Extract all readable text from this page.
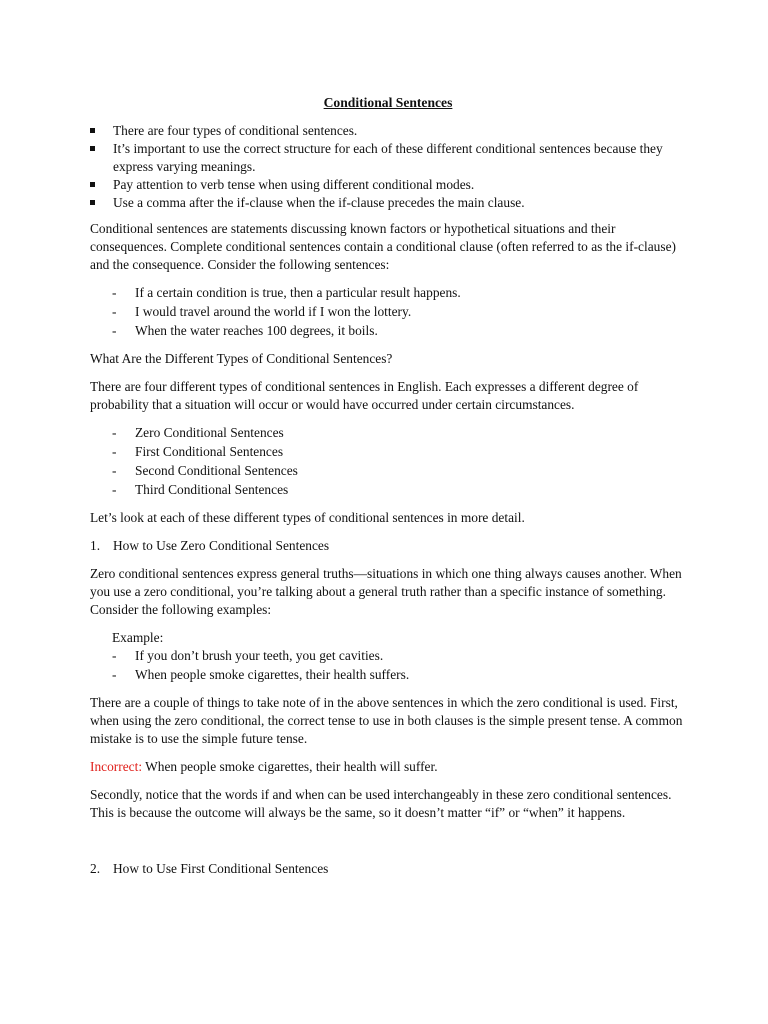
Conditional Sentences
There are four types of conditional sentences.
It’s important to use the correct structure for each of these different conditional sentences because they express varying meanings.
Pay attention to verb tense when using different conditional modes.
Use a comma after the if-clause when the if-clause precedes the main clause.

Conditional sentences are statements discussing known factors or hypothetical situations and their consequences. Complete conditional sentences contain a conditional clause (often referred to as the if-clause) and the consequence. Consider the following sentences:

- If a certain condition is true, then a particular result happens.
- I would travel around the world if I won the lottery.
- When the water reaches 100 degrees, it boils.

What Are the Different Types of Conditional Sentences?

There are four different types of conditional sentences in English. Each expresses a different degree of probability that a situation will occur or would have occurred under certain circumstances.

- Zero Conditional Sentences
- First Conditional Sentences
- Second Conditional Sentences
- Third Conditional Sentences

Let’s look at each of these different types of conditional sentences in more detail.

1. How to Use Zero Conditional Sentences

Zero conditional sentences express general truths—situations in which one thing always causes another. When you use a zero conditional, you’re talking about a general truth rather than a specific instance of something. Consider the following examples:

Example:
- If you don’t brush your teeth, you get cavities.
- When people smoke cigarettes, their health suffers.

There are a couple of things to take note of in the above sentences in which the zero conditional is used. First, when using the zero conditional, the correct tense to use in both clauses is the simple present tense. A common mistake is to use the simple future tense.

Incorrect: When people smoke cigarettes, their health will suffer.

Secondly, notice that the words if and when can be used interchangeably in these zero conditional sentences. This is because the outcome will always be the same, so it doesn’t matter “if” or “when” it happens.

2. How to Use First Conditional Sentences
